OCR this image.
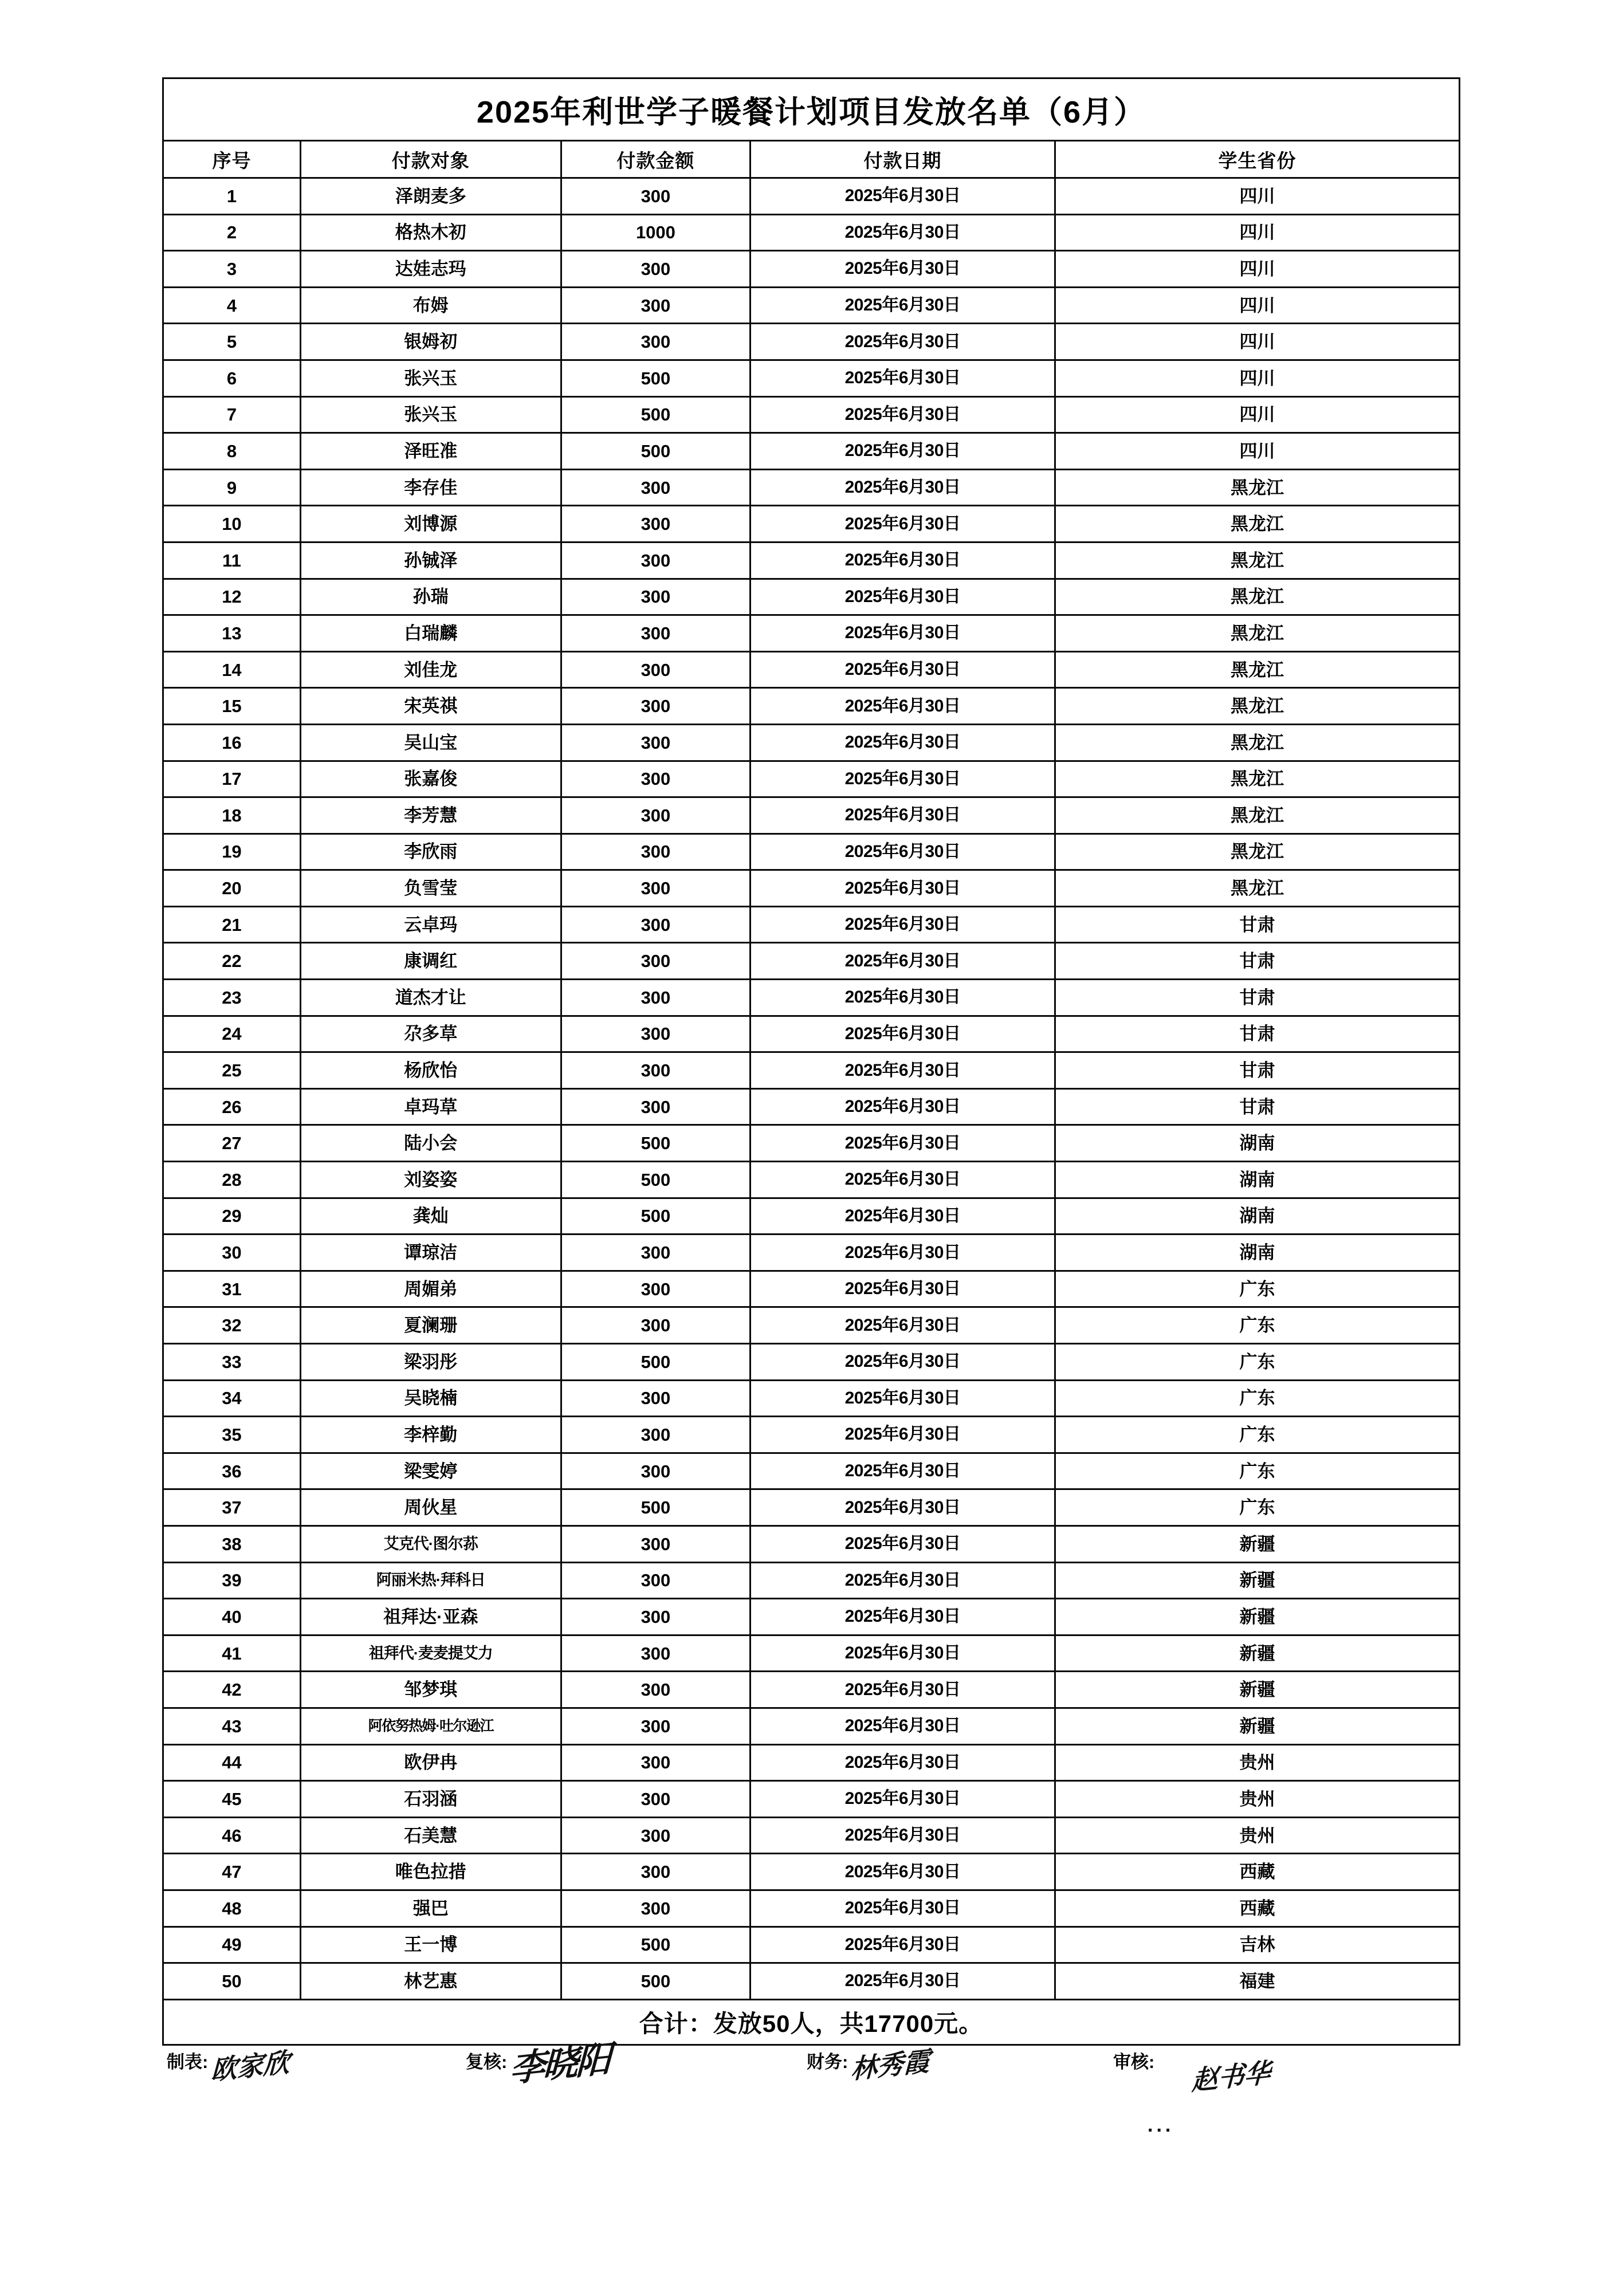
2025年利世学子暖餐计划项目发放名单（6月）				
序号	付款对象	付款金额	付款日期	学生省份
1	泽朗麦多	300	2025年6月30日	四川
2	格热木初	1000	2025年6月30日	四川
3	达娃志玛	300	2025年6月30日	四川
4	布姆	300	2025年6月30日	四川
5	银姆初	300	2025年6月30日	四川
6	张兴玉	500	2025年6月30日	四川
7	张兴玉	500	2025年6月30日	四川
8	泽旺准	500	2025年6月30日	四川
9	李存佳	300	2025年6月30日	黑龙江
10	刘博源	300	2025年6月30日	黑龙江
11	孙铖泽	300	2025年6月30日	黑龙江
12	孙瑞	300	2025年6月30日	黑龙江
13	白瑞麟	300	2025年6月30日	黑龙江
14	刘佳龙	300	2025年6月30日	黑龙江
15	宋英祺	300	2025年6月30日	黑龙江
16	吴山宝	300	2025年6月30日	黑龙江
17	张嘉俊	300	2025年6月30日	黑龙江
18	李芳慧	300	2025年6月30日	黑龙江
19	李欣雨	300	2025年6月30日	黑龙江
20	负雪莹	300	2025年6月30日	黑龙江
21	云卓玛	300	2025年6月30日	甘肃
22	康调红	300	2025年6月30日	甘肃
23	道杰才让	300	2025年6月30日	甘肃
24	尕多草	300	2025年6月30日	甘肃
25	杨欣怡	300	2025年6月30日	甘肃
26	卓玛草	300	2025年6月30日	甘肃
27	陆小会	500	2025年6月30日	湖南
28	刘姿姿	500	2025年6月30日	湖南
29	龚灿	500	2025年6月30日	湖南
30	谭琼洁	300	2025年6月30日	湖南
31	周媚弟	300	2025年6月30日	广东
32	夏澜珊	300	2025年6月30日	广东
33	梁羽彤	500	2025年6月30日	广东
34	吴晓楠	300	2025年6月30日	广东
35	李梓勤	300	2025年6月30日	广东
36	梁雯婷	300	2025年6月30日	广东
37	周伙星	500	2025年6月30日	广东
38	艾克代·图尔荪	300	2025年6月30日	新疆
39	阿丽米热·拜科日	300	2025年6月30日	新疆
40	祖拜达·亚森	300	2025年6月30日	新疆
41	祖拜代·麦麦提艾力	300	2025年6月30日	新疆
42	邹梦琪	300	2025年6月30日	新疆
43	阿依努热姆·吐尔逊江	300	2025年6月30日	新疆
44	欧伊冉	300	2025年6月30日	贵州
45	石羽涵	300	2025年6月30日	贵州
46	石美慧	300	2025年6月30日	贵州
47	唯色拉措	300	2025年6月30日	西藏
48	强巴	300	2025年6月30日	西藏
49	王一博	500	2025年6月30日	吉林
50	林艺惠	500	2025年6月30日	福建
合计：发放50人，共17700元。				
制表: 欧家欣	复核: 李晓阳	财务: 林秀霞	审核: 赵书华
...
